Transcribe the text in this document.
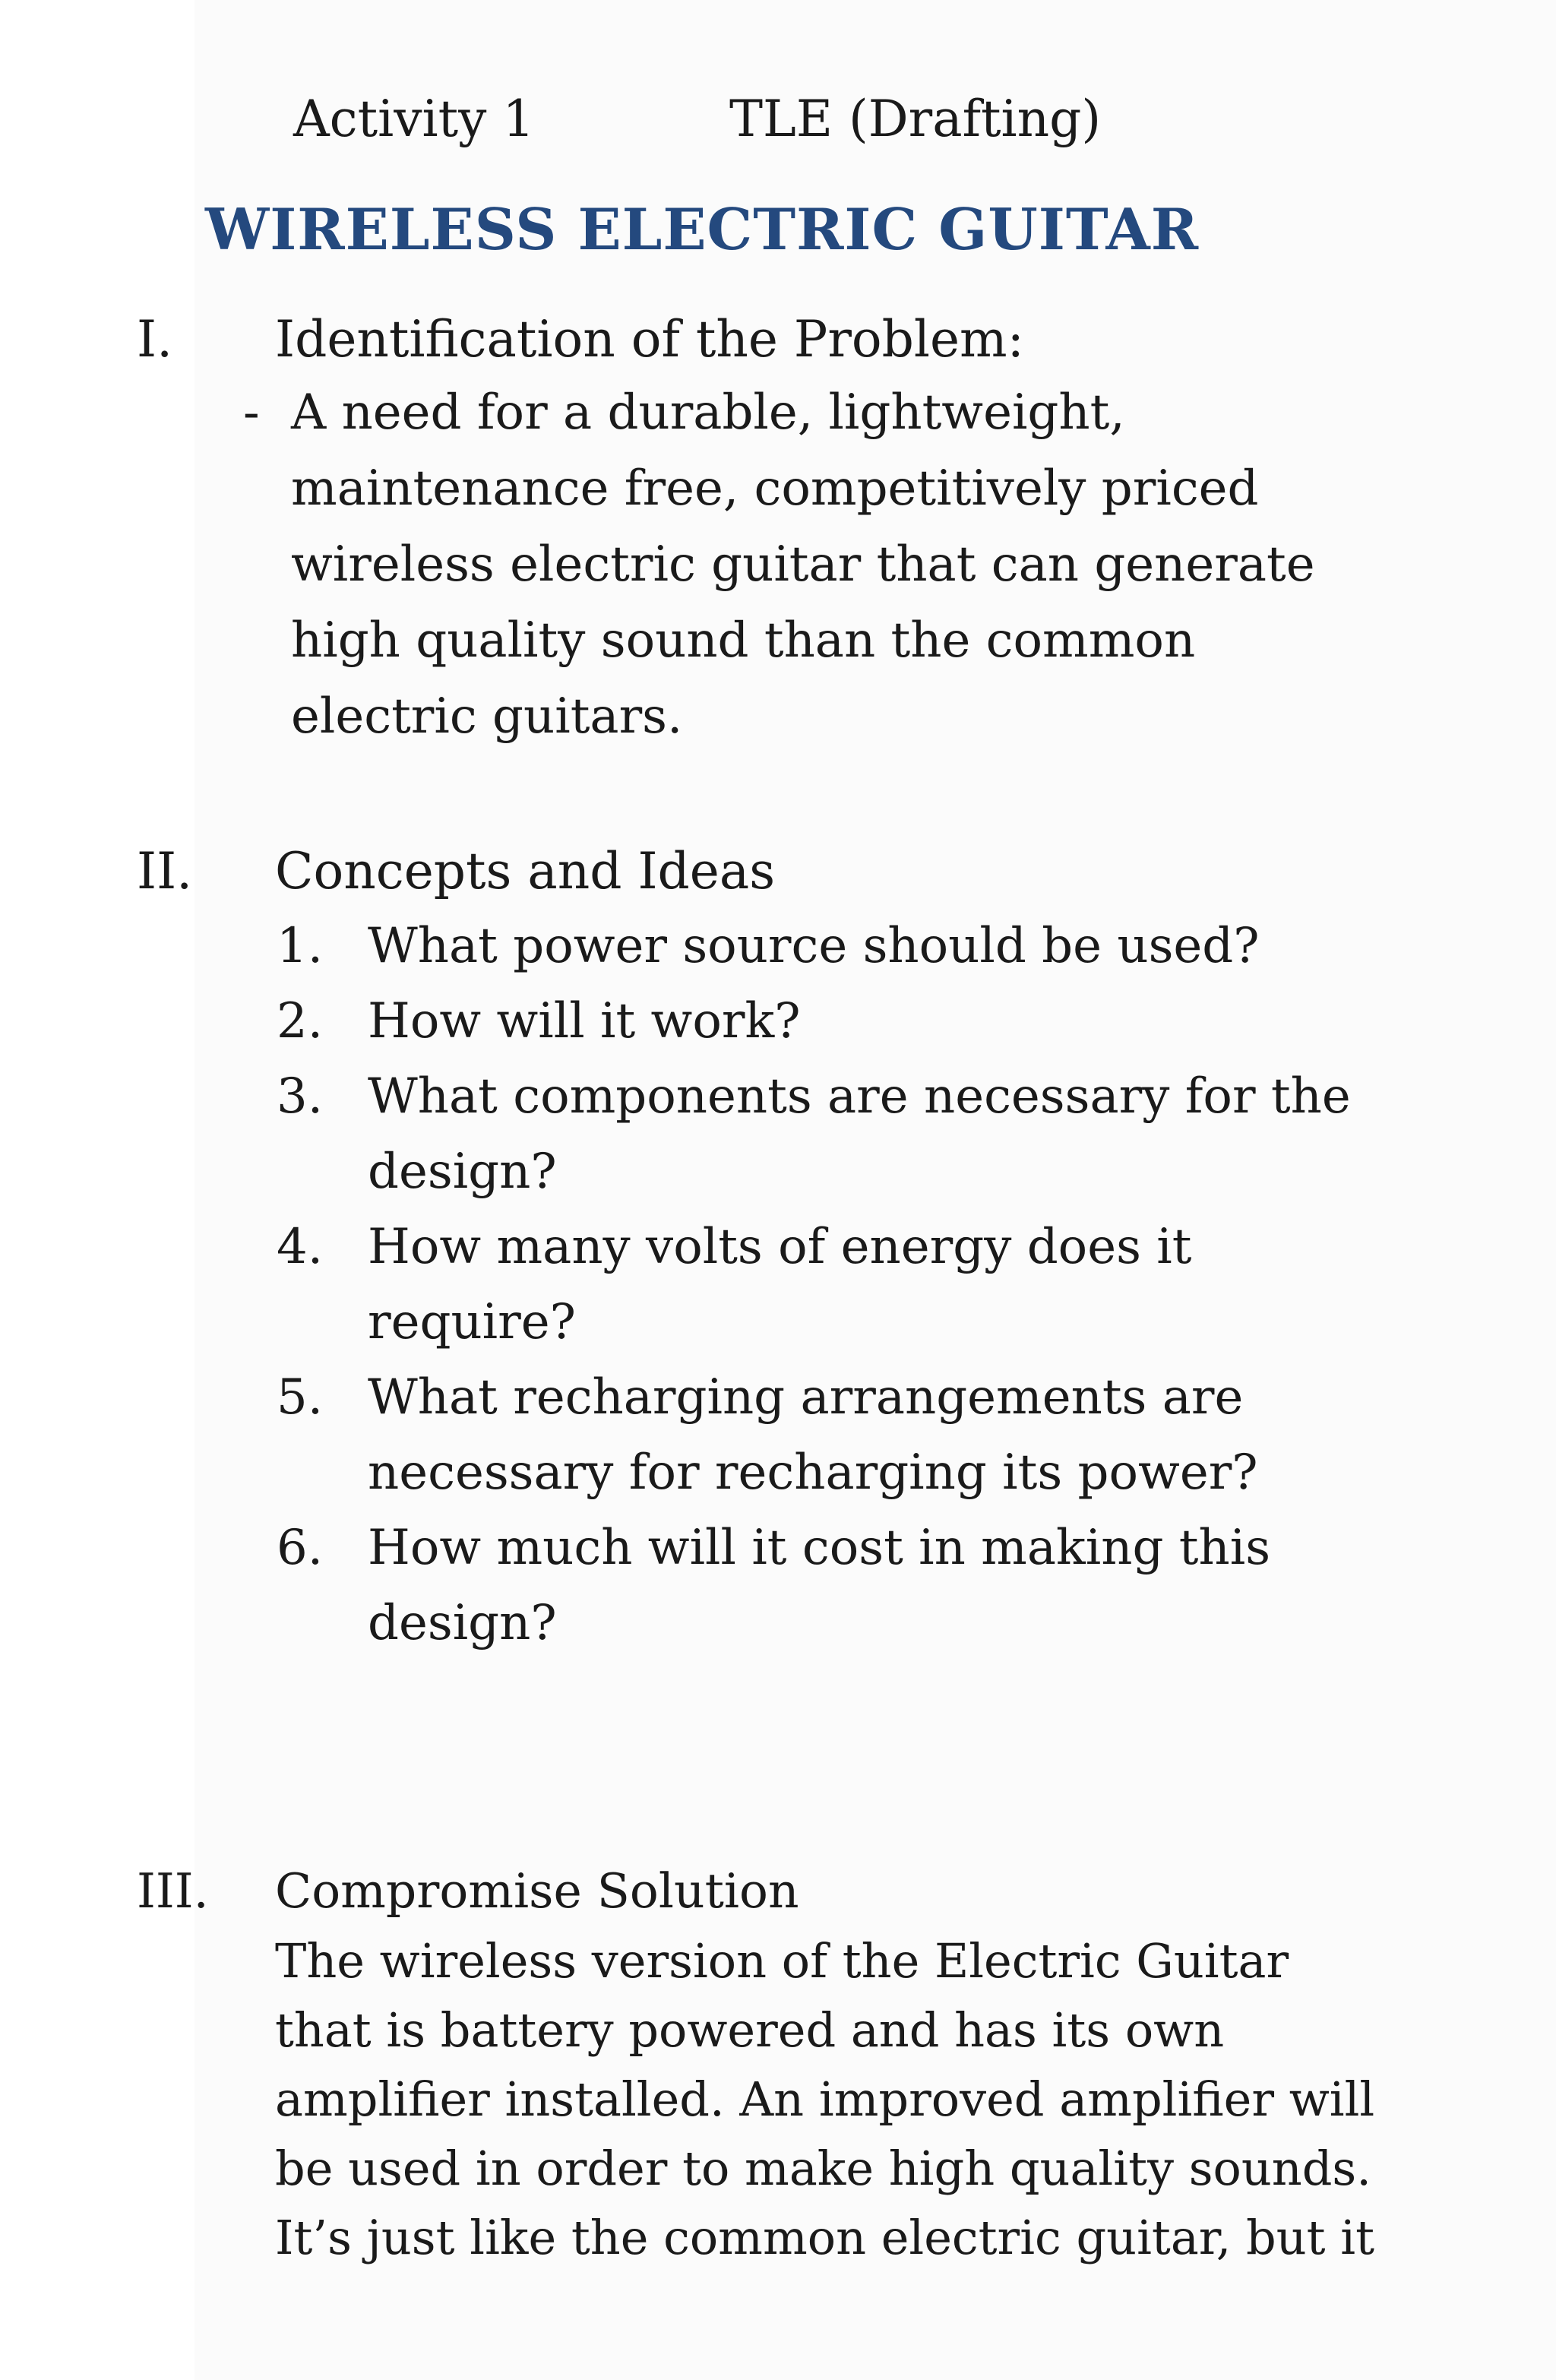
Activity 1	TLE (Drafting)
WIRELESS ELECTRIC GUITAR
I. Identification of the Problem:
- A need for a durable, lightweight,
maintenance free, competitively priced
wireless electric guitar that can generate
high quality sound than the common
electric guitars.
II. Concepts and Ideas
1. What power source should be used?
2. How will it work?
3. What components are necessary for the
design?
4. How many volts of energy does it
require?
5. What recharging arrangements are
necessary for recharging its power?
6. How much will it cost in making this
design?
III. Compromise Solution

The wireless version of the Electric Guitar
that is battery powered and has its own
amplifier installed. An improved amplifier will
be used in order to make high quality sounds.
It’s just like the common electric guitar, but it
